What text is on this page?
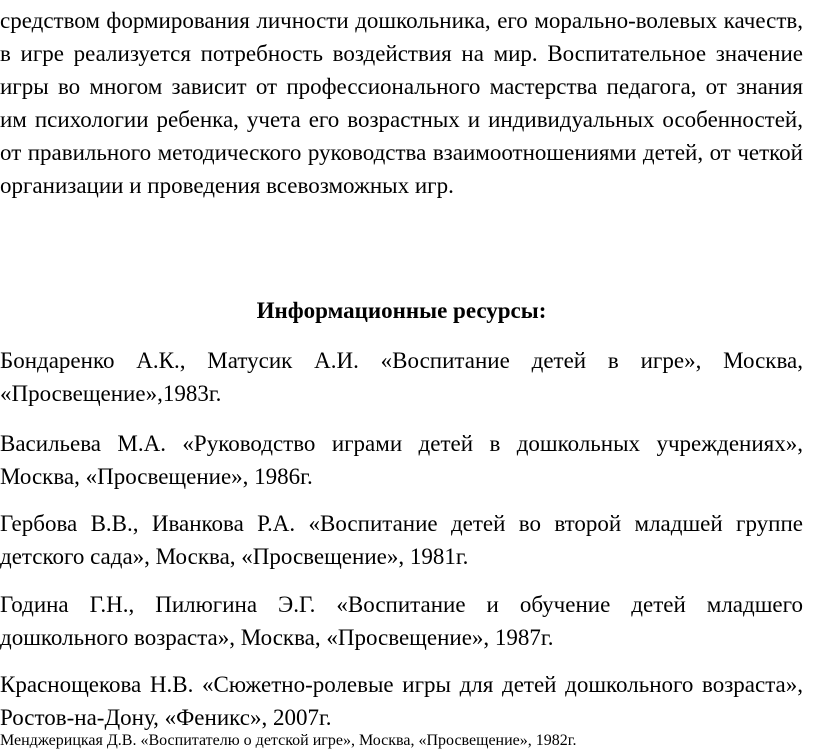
средством формирования личности дошкольника, его морально-волевых качеств, в игре реализуется потребность воздействия на мир. Воспитательное значение игры во многом зависит от профессионального мастерства педагога, от знания им психологии ребенка, учета его возрастных и индивидуальных особенностей, от правильного методического руководства взаимоотношениями детей, от четкой организации и проведения всевозможных игр.

Информационные ресурсы:

Бондаренко А.К., Матусик А.И. «Воспитание детей в игре», Москва, «Просвещение»,1983г.

Васильева М.А. «Руководство играми детей в дошкольных учреждениях», Москва, «Просвещение», 1986г.

Гербова В.В., Иванкова Р.А. «Воспитание детей во второй младшей группе детского сада», Москва, «Просвещение», 1981г.

Година Г.Н., Пилюгина Э.Г. «Воспитание и обучение детей младшего дошкольного возраста», Москва, «Просвещение», 1987г.

Краснощекова Н.В. «Сюжетно-ролевые игры для детей дошкольного возраста», Ростов-на-Дону, «Феникс», 2007г.

Менджерицкая Д.В. «Воспитателю о детской игре», Москва, «Просвещение», 1982г.
